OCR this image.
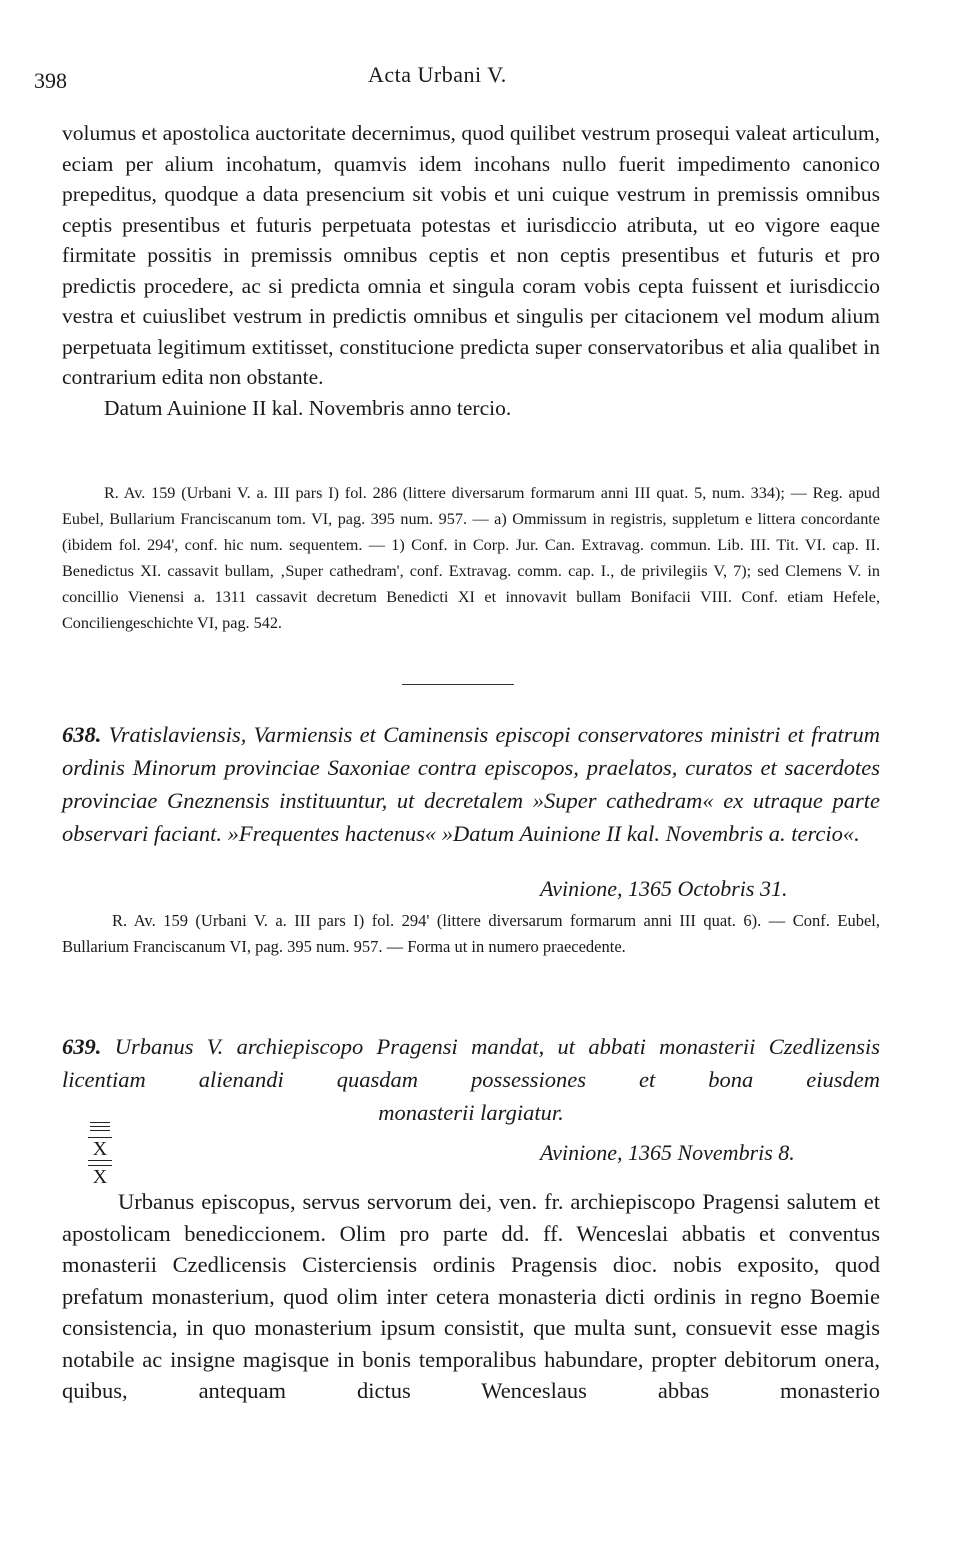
398	Acta Urbani V.

volumus et apostolica auctoritate decernimus, quod quilibet vestrum prosequi valeat articulum, eciam per alium incohatum, quamvis idem incohans nullo fuerit impedimento canonico prepeditus, quodque a data presencium sit vobis et uni cuique vestrum in premissis omnibus ceptis presentibus et futuris perpetuata potestas et iurisdiccio atributa, ut eo vigore eaque firmitate possitis in premissis omnibus ceptis et non ceptis presentibus et futuris et pro predictis procedere, ac si predicta omnia et singula coram vobis cepta fuissent et iurisdiccio vestra et cuiuslibet vestrum in predictis omnibus et singulis per citacionem vel modum alium perpetuata legitimum extitisset, constitucione predicta super conservatoribus et alia qualibet in contrarium edita non obstante.

Datum Auinione II kal. Novembris anno tercio.

R. Av. 159 (Urbani V. a. III pars I) fol. 286 (littere diversarum formarum anni III quat. 5, num. 334); — Reg. apud Eubel, Bullarium Franciscanum tom. VI, pag. 395 num. 957. — a) Ommissum in registris, suppletum e littera concordante (ibidem fol. 294', conf. hic num. sequentem. — 1) Conf. in Corp. Jur. Can. Extravag. commun. Lib. III. Tit. VI. cap. II. Benedictus XI. cassavit bullam, ‚Super cathedram', conf. Extravag. comm. cap. I., de privilegiis V, 7); sed Clemens V. in concillio Vienensi a. 1311 cassavit decretum Benedicti XI et innovavit bullam Bonifacii VIII. Conf. etiam Hefele, Conciliengeschichte VI, pag. 542.

638. Vratislaviensis, Varmiensis et Caminensis episcopi conservatores ministri et fratrum ordinis Minorum provinciae Saxoniae contra episcopos, praelatos, curatos et sacerdotes provinciae Gneznensis instituuntur, ut decretalem »Super cathedram« ex utraque parte observari faciant. »Frequentes hactenus« »Datum Auinione II kal. Novembris a. tercio«.

Avinione, 1365 Octobris 31.

R. Av. 159 (Urbani V. a. III pars I) fol. 294' (littere diversarum formarum anni III quat. 6). — Conf. Eubel, Bullarium Franciscanum VI, pag. 395 num. 957. — Forma ut in numero praecedente.

639. Urbanus V. archiepiscopo Pragensi mandat, ut abbati monasterii Czedlizensis licentiam alienandi quasdam possessiones et bona eiusdem

monasterii largiatur.

X
X
Avinione, 1365 Novembris 8.

Urbanus episcopus, servus servorum dei, ven. fr. archiepiscopo Pragensi salutem et apostolicam benediccionem. Olim pro parte dd. ff. Wenceslai abbatis et conventus monasterii Czedlicensis Cisterciensis ordinis Pragensis dioc. nobis exposito, quod prefatum monasterium, quod olim inter cetera monasteria dicti ordinis in regno Boemie consistencia, in quo monasterium ipsum consistit, que multa sunt, consuevit esse magis notabile ac insigne magisque in bonis temporalibus habundare, propter debitorum onera, quibus, antequam dictus Wenceslaus abbas monasterio
